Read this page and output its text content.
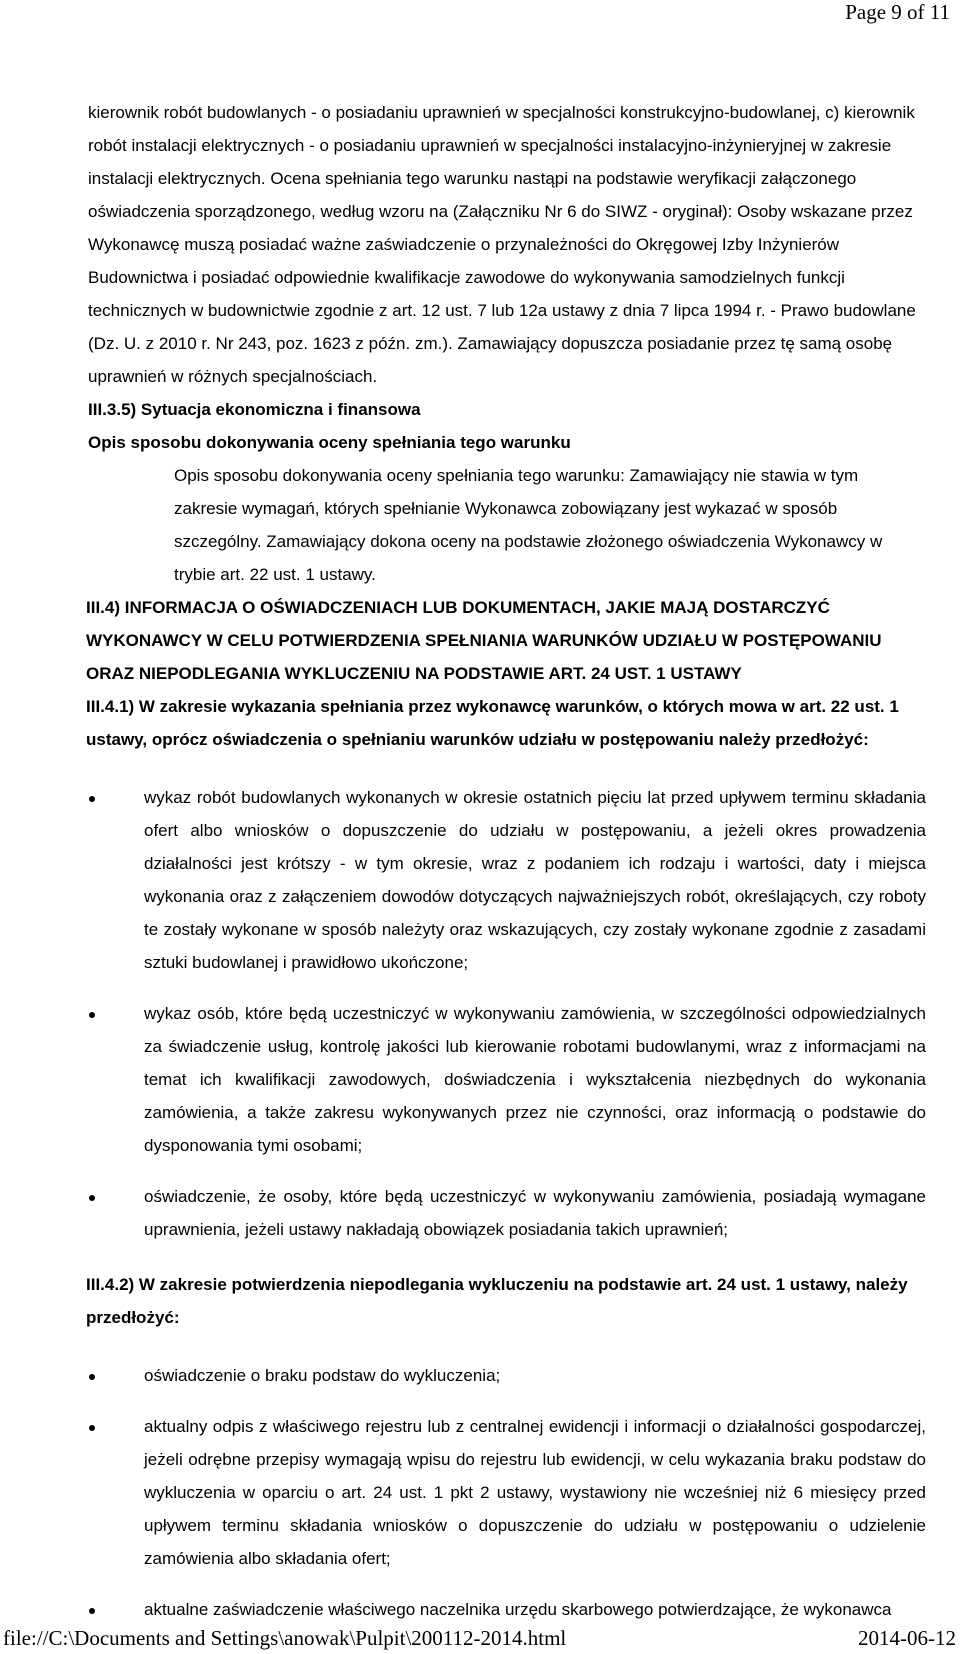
Page 9 of 11

kierownik robót budowlanych - o posiadaniu uprawnień w specjalności konstrukcyjno-budowlanej, c) kierownik robót instalacji elektrycznych - o posiadaniu uprawnień w specjalności instalacyjno-inżynieryjnej w zakresie instalacji elektrycznych. Ocena spełniania tego warunku nastąpi na podstawie weryfikacji załączonego oświadczenia sporządzonego, według wzoru na (Załączniku Nr 6 do SIWZ - oryginał): Osoby wskazane przez Wykonawcę muszą posiadać ważne zaświadczenie o przynależności do Okręgowej Izby Inżynierów Budownictwa i posiadać odpowiednie kwalifikacje zawodowe do wykonywania samodzielnych funkcji technicznych w budownictwie zgodnie z art. 12 ust. 7 lub 12a ustawy z dnia 7 lipca 1994 r. - Prawo budowlane (Dz. U. z 2010 r. Nr 243, poz. 1623 z późn. zm.). Zamawiający dopuszcza posiadanie przez tę samą osobę uprawnień w różnych specjalnościach.

III.3.5) Sytuacja ekonomiczna i finansowa

Opis sposobu dokonywania oceny spełniania tego warunku

Opis sposobu dokonywania oceny spełniania tego warunku: Zamawiający nie stawia w tym zakresie wymagań, których spełnianie Wykonawca zobowiązany jest wykazać w sposób szczególny. Zamawiający dokona oceny na podstawie złożonego oświadczenia Wykonawcy w trybie art. 22 ust. 1 ustawy.

III.4) INFORMACJA O OŚWIADCZENIACH LUB DOKUMENTACH, JAKIE MAJĄ DOSTARCZYĆ WYKONAWCY W CELU POTWIERDZENIA SPEŁNIANIA WARUNKÓW UDZIAŁU W POSTĘPOWANIU ORAZ NIEPODLEGANIA WYKLUCZENIU NA PODSTAWIE ART. 24 UST. 1 USTAWY

III.4.1) W zakresie wykazania spełniania przez wykonawcę warunków, o których mowa w art. 22 ust. 1 ustawy, oprócz oświadczenia o spełnianiu warunków udziału w postępowaniu należy przedłożyć:

wykaz robót budowlanych wykonanych w okresie ostatnich pięciu lat przed upływem terminu składania ofert albo wniosków o dopuszczenie do udziału w postępowaniu, a jeżeli okres prowadzenia działalności jest krótszy - w tym okresie, wraz z podaniem ich rodzaju i wartości, daty i miejsca wykonania oraz z załączeniem dowodów dotyczących najważniejszych robót, określających, czy roboty te zostały wykonane w sposób należyty oraz wskazujących, czy zostały wykonane zgodnie z zasadami sztuki budowlanej i prawidłowo ukończone;
wykaz osób, które będą uczestniczyć w wykonywaniu zamówienia, w szczególności odpowiedzialnych za świadczenie usług, kontrolę jakości lub kierowanie robotami budowlanymi, wraz z informacjami na temat ich kwalifikacji zawodowych, doświadczenia i wykształcenia niezbędnych do wykonania zamówienia, a także zakresu wykonywanych przez nie czynności, oraz informacją o podstawie do dysponowania tymi osobami;
oświadczenie, że osoby, które będą uczestniczyć w wykonywaniu zamówienia, posiadają wymagane uprawnienia, jeżeli ustawy nakładają obowiązek posiadania takich uprawnień;

III.4.2) W zakresie potwierdzenia niepodlegania wykluczeniu na podstawie art. 24 ust. 1 ustawy, należy przedłożyć:

oświadczenie o braku podstaw do wykluczenia;
aktualny odpis z właściwego rejestru lub z centralnej ewidencji i informacji o działalności gospodarczej, jeżeli odrębne przepisy wymagają wpisu do rejestru lub ewidencji, w celu wykazania braku podstaw do wykluczenia w oparciu o art. 24 ust. 1 pkt 2 ustawy, wystawiony nie wcześniej niż 6 miesięcy przed upływem terminu składania wniosków o dopuszczenie do udziału w postępowaniu o udzielenie zamówienia albo składania ofert;
aktualne zaświadczenie właściwego naczelnika urzędu skarbowego potwierdzające, że wykonawca
file://C:\Documents and Settings\anowak\Pulpit\200112-2014.html	2014-06-12
